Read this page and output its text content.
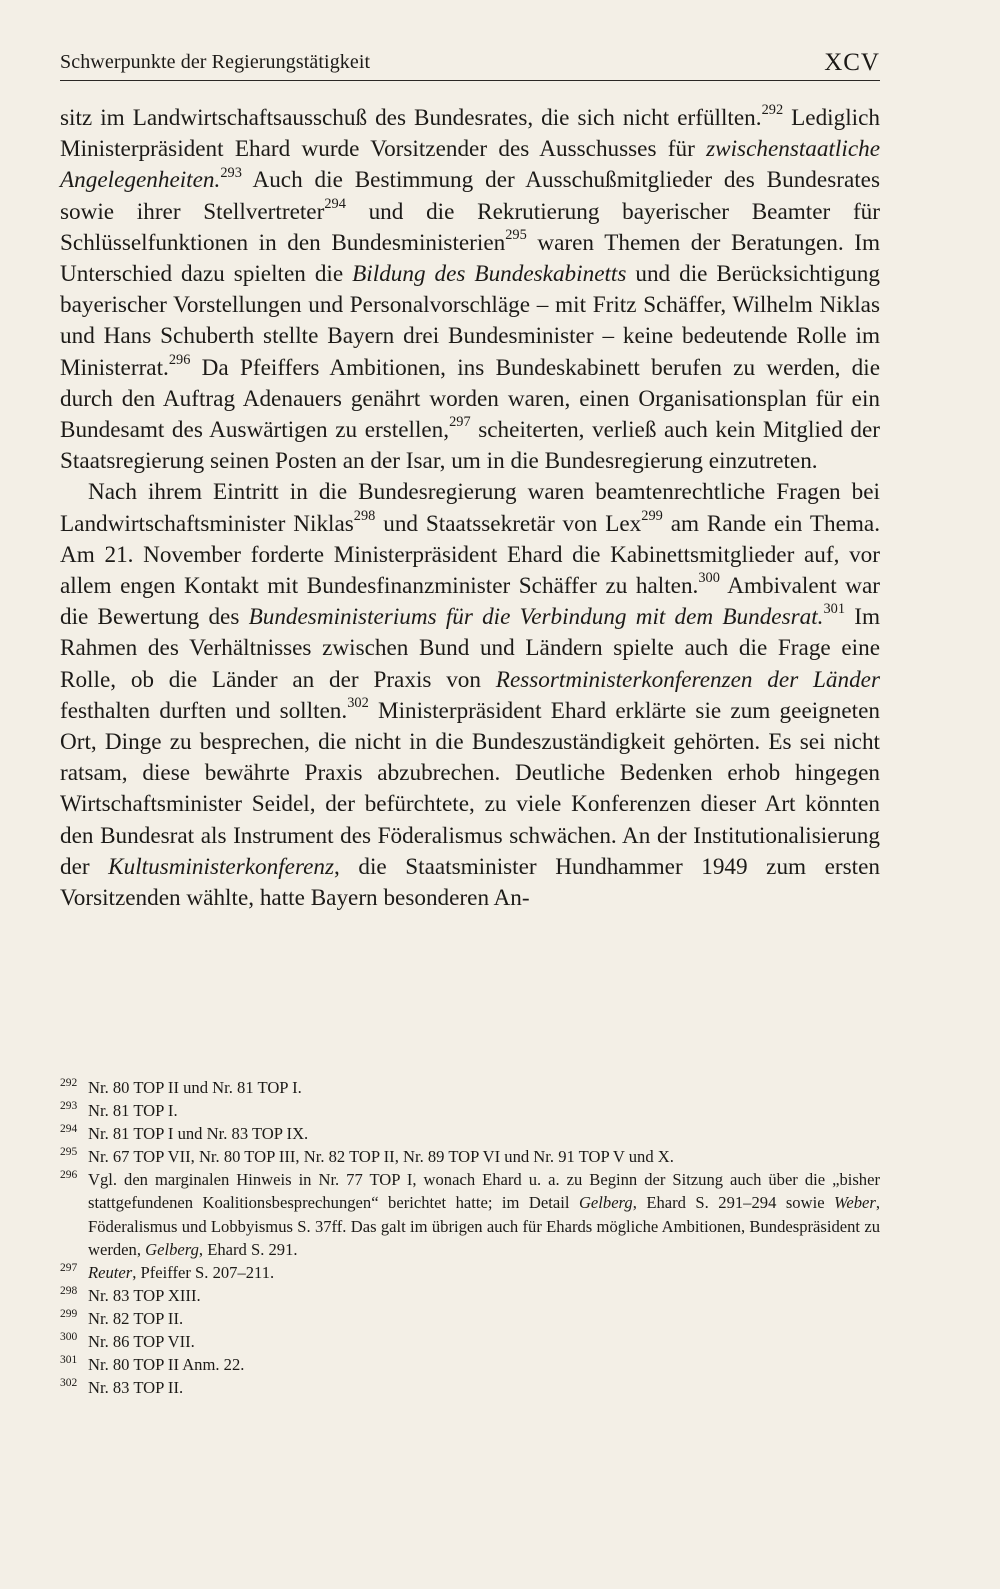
Schwerpunkte der Regierungstätigkeit	XCV

sitz im Landwirtschaftsausschuß des Bundesrates, die sich nicht erfüllten.$^{292}$ Lediglich Ministerpräsident Ehard wurde Vorsitzender des Ausschusses für zwischenstaatliche Angelegenheiten.$^{293}$ Auch die Bestimmung der Ausschußmitglieder des Bundesrates sowie ihrer Stellvertreter$^{294}$ und die Rekrutierung bayerischer Beamter für Schlüsselfunktionen in den Bundesministerien$^{295}$ waren Themen der Beratungen. Im Unterschied dazu spielten die Bildung des Bundeskabinetts und die Berücksichtigung bayerischer Vorstellungen und Personalvorschläge – mit Fritz Schäffer, Wilhelm Niklas und Hans Schuberth stellte Bayern drei Bundesminister – keine bedeutende Rolle im Ministerrat.$^{296}$ Da Pfeiffers Ambitionen, ins Bundeskabinett berufen zu werden, die durch den Auftrag Adenauers genährt worden waren, einen Organisationsplan für ein Bundesamt des Auswärtigen zu erstellen,$^{297}$ scheiterten, verließ auch kein Mitglied der Staatsregierung seinen Posten an der Isar, um in die Bundesregierung einzutreten.

Nach ihrem Eintritt in die Bundesregierung waren beamtenrechtliche Fragen bei Landwirtschaftsminister Niklas$^{298}$ und Staatssekretär von Lex$^{299}$ am Rande ein Thema. Am 21. November forderte Ministerpräsident Ehard die Kabinettsmitglieder auf, vor allem engen Kontakt mit Bundesfinanzminister Schäffer zu halten.$^{300}$ Ambivalent war die Bewertung des Bundesministeriums für die Verbindung mit dem Bundesrat.$^{301}$ Im Rahmen des Verhältnisses zwischen Bund und Ländern spielte auch die Frage eine Rolle, ob die Länder an der Praxis von Ressortministerkonferenzen der Länder festhalten durften und sollten.$^{302}$ Ministerpräsident Ehard erklärte sie zum geeigneten Ort, Dinge zu besprechen, die nicht in die Bundeszuständigkeit gehörten. Es sei nicht ratsam, diese bewährte Praxis abzubrechen. Deutliche Bedenken erhob hingegen Wirtschaftsminister Seidel, der befürchtete, zu viele Konferenzen dieser Art könnten den Bundesrat als Instrument des Föderalismus schwächen. An der Institutionalisierung der Kultusministerkonferenz, die Staatsminister Hundhammer 1949 zum ersten Vorsitzenden wählte, hatte Bayern besonderen An-

292 Nr. 80 TOP II und Nr. 81 TOP I.
293 Nr. 81 TOP I.
294 Nr. 81 TOP I und Nr. 83 TOP IX.
295 Nr. 67 TOP VII, Nr. 80 TOP III, Nr. 82 TOP II, Nr. 89 TOP VI und Nr. 91 TOP V und X.
296 Vgl. den marginalen Hinweis in Nr. 77 TOP I, wonach Ehard u. a. zu Beginn der Sitzung auch über die „bisher stattgefundenen Koalitionsbesprechungen“ berichtet hatte; im Detail Gelberg, Ehard S. 291–294 sowie Weber, Föderalismus und Lobbyismus S. 37ff. Das galt im übrigen auch für Ehards mögliche Ambitionen, Bundespräsident zu werden, Gelberg, Ehard S. 291.
297 Reuter, Pfeiffer S. 207–211.
298 Nr. 83 TOP XIII.
299 Nr. 82 TOP II.
300 Nr. 86 TOP VII.
301 Nr. 80 TOP II Anm. 22.
302 Nr. 83 TOP II.
